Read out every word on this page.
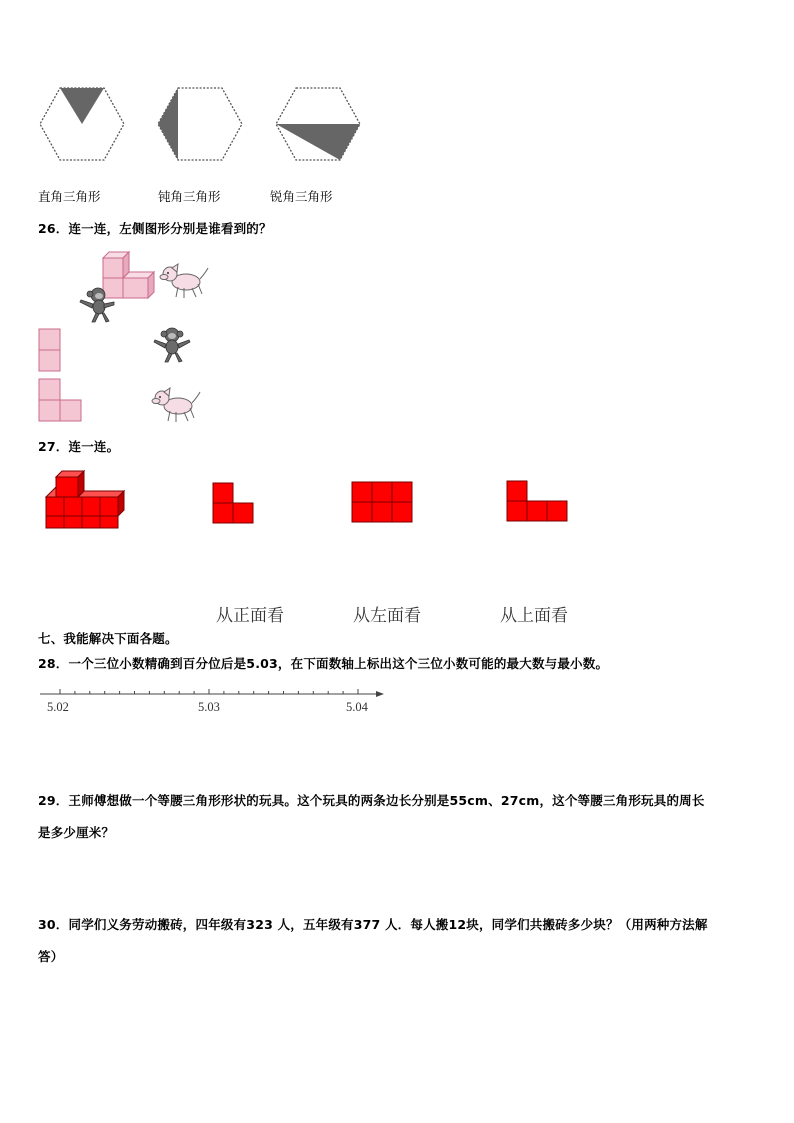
直角三角形	钝角三角形	锐角三角形
26．连一连，左侧图形分别是谁看到的？
27．连一连。
从正面看	从左面看	从上面看
七、我能解决下面各题。
28．一个三位小数精确到百分位后是5.03，在下面数轴上标出这个三位小数可能的最大数与最小数。
5.02	5.03	5.04
29．王师傅想做一个等腰三角形形状的玩具。这个玩具的两条边长分别是55cm、27cm，这个等腰三角形玩具的周长
是多少厘米？
30．同学们义务劳动搬砖，四年级有323 人，五年级有377 人．每人搬12块，同学们共搬砖多少块？（用两种方法解
答）
